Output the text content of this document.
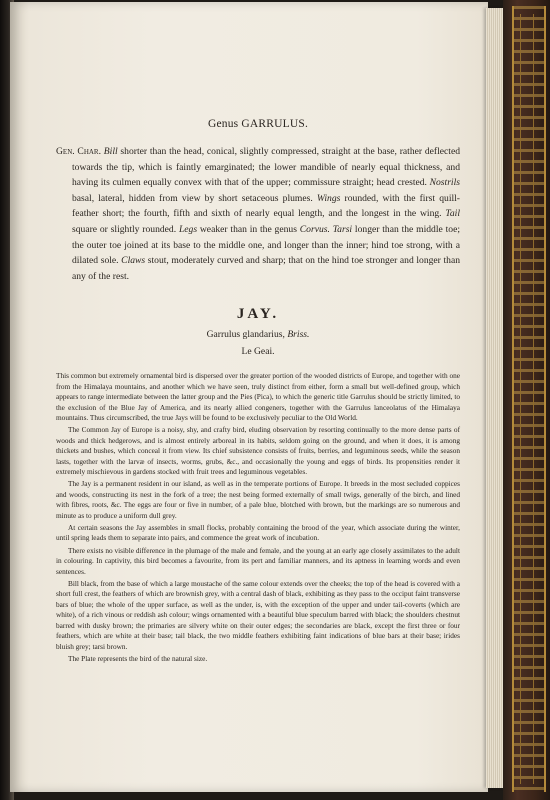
Genus GARRULUS.

Gen. Char. Bill shorter than the head, conical, slightly compressed, straight at the base, rather deflected towards the tip, which is faintly emarginated; the lower mandible of nearly equal thickness, and having its culmen equally convex with that of the upper; commissure straight; head crested. Nostrils basal, lateral, hidden from view by short setaceous plumes. Wings rounded, with the first quill-feather short; the fourth, fifth and sixth of nearly equal length, and the longest in the wing. Tail square or slightly rounded. Legs weaker than in the genus Corvus. Tarsi longer than the middle toe; the outer toe joined at its base to the middle one, and longer than the inner; hind toe strong, with a dilated sole. Claws stout, moderately curved and sharp; that on the hind toe stronger and longer than any of the rest.

JAY.
Garrulus glandarius, Briss.
Le Geai.

This common but extremely ornamental bird is dispersed over the greater portion of the wooded districts of Europe, and together with one from the Himalaya mountains, and another which we have seen, truly distinct from either, form a small but well-defined group, which appears to range intermediate between the latter group and the Pies (Pica), to which the generic title Garrulus should be strictly limited, to the exclusion of the Blue Jay of America, and its nearly allied congeners, together with the Garrulus lanceolatus of the Himalaya mountains. Thus circumscribed, the true Jays will be found to be exclusively peculiar to the Old World.

The Common Jay of Europe is a noisy, shy, and crafty bird, eluding observation by resorting continually to the more dense parts of woods and thick hedgerows, and is almost entirely arboreal in its habits, seldom going on the ground, and when it does, it is among thickets and bushes, which conceal it from view. Its chief subsistence consists of fruits, berries, and leguminous seeds, while the season lasts, together with the larvæ of insects, worms, grubs, &c., and occasionally the young and eggs of birds. Its propensities render it extremely mischievous in gardens stocked with fruit trees and leguminous vegetables.

The Jay is a permanent resident in our island, as well as in the temperate portions of Europe. It breeds in the most secluded coppices and woods, constructing its nest in the fork of a tree; the nest being formed externally of small twigs, generally of the birch, and lined with fibres, roots, &c. The eggs are four or five in number, of a pale blue, blotched with brown, but the markings are so numerous and minute as to produce a uniform dull grey.

At certain seasons the Jay assembles in small flocks, probably containing the brood of the year, which associate during the winter, until spring leads them to separate into pairs, and commence the great work of incubation.

There exists no visible difference in the plumage of the male and female, and the young at an early age closely assimilates to the adult in colouring. In captivity, this bird becomes a favourite, from its pert and familiar manners, and its aptness in learning words and even sentences.

Bill black, from the base of which a large moustache of the same colour extends over the cheeks; the top of the head is covered with a short full crest, the feathers of which are brownish grey, with a central dash of black, exhibiting as they pass to the occiput faint transverse bars of blue; the whole of the upper surface, as well as the under, is, with the exception of the upper and under tail-coverts (which are white), of a rich vinous or reddish ash colour; wings ornamented with a beautiful blue speculum barred with black; the shoulders chestnut barred with dusky brown; the primaries are silvery white on their outer edges; the secondaries are black, except the first three or four feathers, which are white at their base; tail black, the two middle feathers exhibiting faint indications of blue bars at their base; irides bluish grey; tarsi brown.

The Plate represents the bird of the natural size.
